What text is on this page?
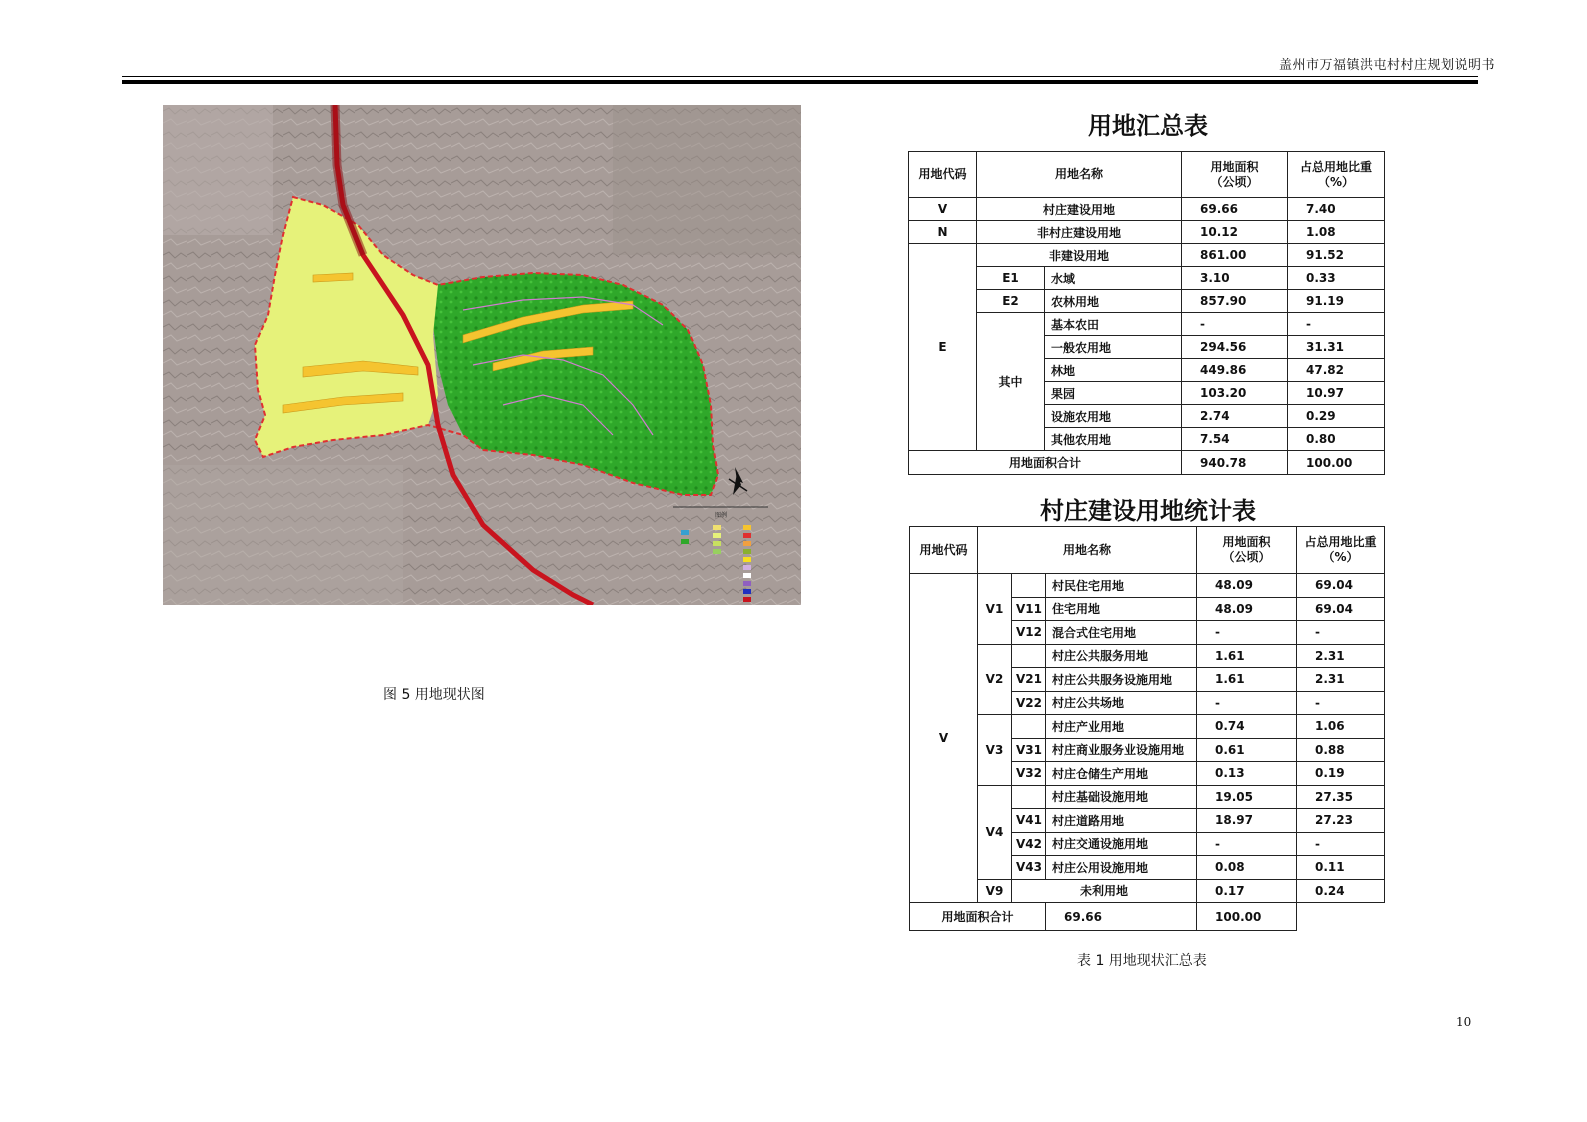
盖州市万福镇洪屯村村庄规划说明书
图例
图 5 用地现状图
用地汇总表
用地代码	用地名称		用地面积
（公顷）	占总用地比重
（%）
V	村庄建设用地		69.66	7.40
N	非村庄建设用地		10.12	1.08
E	非建设用地		861.00	91.52
	E1	水域	3.10	0.33
	E2	农林用地	857.90	91.19
	其中	基本农田	-	-
		一般农用地	294.56	31.31
		林地	449.86	47.82
		果园	103.20	10.97
		设施农用地	2.74	0.29
		其他农用地	7.54	0.80
用地面积合计			940.78	100.00
村庄建设用地统计表
用地代码	用地名称			用地面积
（公顷）	占总用地比重
（%）
V	V1		村民住宅用地	48.09	69.04
		V11	住宅用地	48.09	69.04
		V12	混合式住宅用地	-	-
	V2		村庄公共服务用地	1.61	2.31
		V21	村庄公共服务设施用地	1.61	2.31
		V22	村庄公共场地	-	-
	V3		村庄产业用地	0.74	1.06
		V31	村庄商业服务业设施用地	0.61	0.88
		V32	村庄仓储生产用地	0.13	0.19
	V4		村庄基础设施用地	19.05	27.35
		V41	村庄道路用地	18.97	27.23
		V42	村庄交通设施用地	-	-
		V43	村庄公用设施用地	0.08	0.11
	V9	未利用地		0.17	0.24
用地面积合计			69.66	100.00	
表 1 用地现状汇总表
10
